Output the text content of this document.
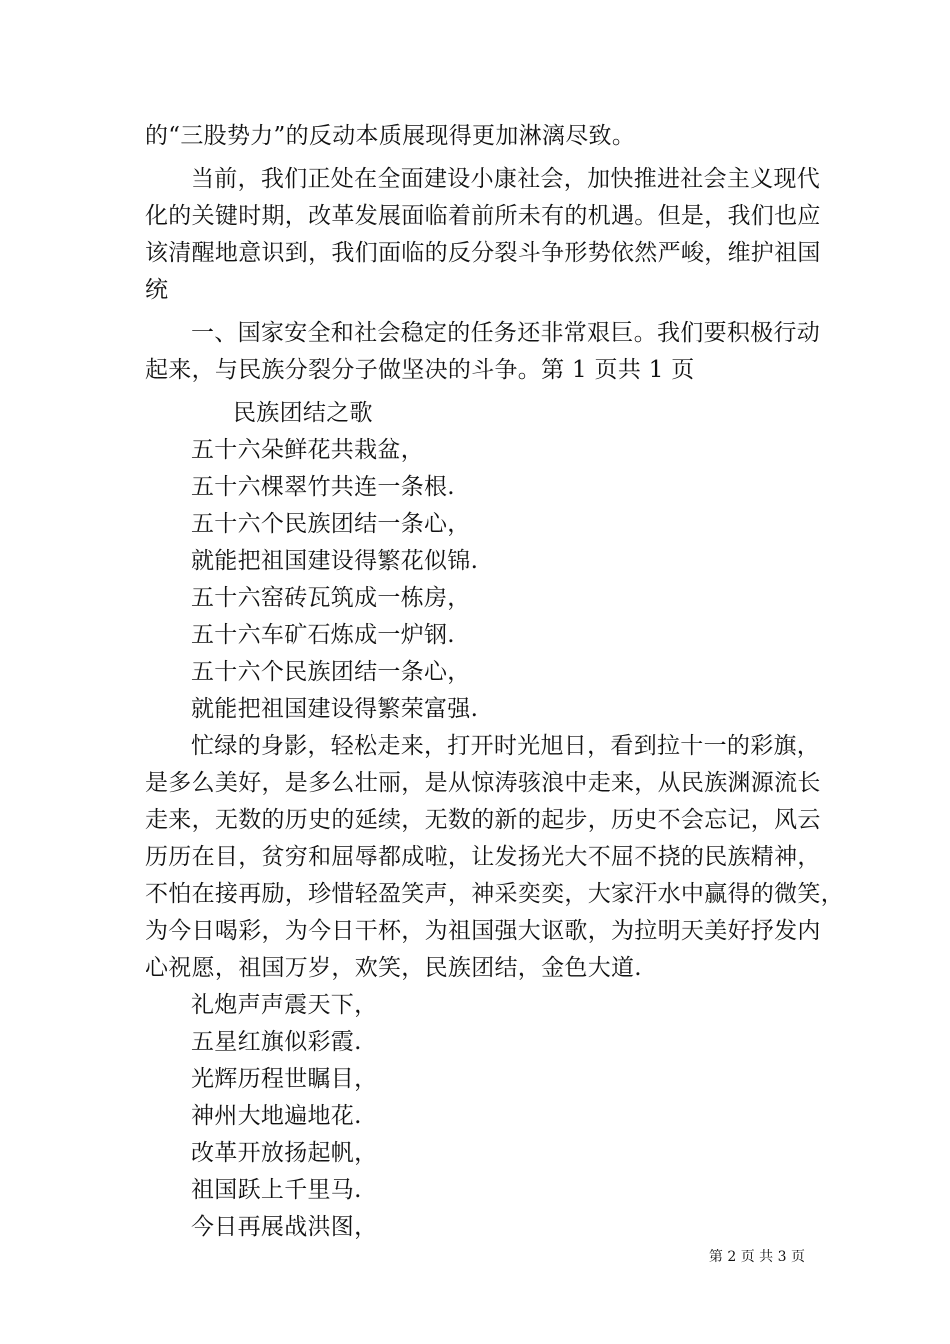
的“三股势力”的反动本质展现得更加淋漓尽致。
当前，我们正处在全面建设小康社会，加快推进社会主义现代
化的关键时期，改革发展面临着前所未有的机遇。但是，我们也应
该清醒地意识到，我们面临的反分裂斗争形势依然严峻，维护祖国
统
一、国家安全和社会稳定的任务还非常艰巨。我们要积极行动
起来，与民族分裂分子做坚决的斗争。第 1 页共 1 页
民族团结之歌
五十六朵鲜花共栽盆，
五十六棵翠竹共连一条根.
五十六个民族团结一条心，
就能把祖国建设得繁花似锦.
五十六窑砖瓦筑成一栋房，
五十六车矿石炼成一炉钢.
五十六个民族团结一条心，
就能把祖国建设得繁荣富强.
忙绿的身影，轻松走来，打开时光旭日，看到拉十一的彩旗，
是多么美好，是多么壮丽，是从惊涛骇浪中走来，从民族渊源流长
走来，无数的历史的延续，无数的新的起步，历史不会忘记，风云
历历在目，贫穷和屈辱都成啦，让发扬光大不屈不挠的民族精神，
不怕在接再励，珍惜轻盈笑声，神采奕奕，大家汗水中赢得的微笑，
为今日喝彩，为今日干杯，为祖国强大讴歌，为拉明天美好抒发内
心祝愿，祖国万岁，欢笑，民族团结，金色大道.
礼炮声声震天下，
五星红旗似彩霞.
光辉历程世瞩目，
神州大地遍地花.
改革开放扬起帆，
祖国跃上千里马.
今日再展战洪图，
第 2 页 共 3 页
